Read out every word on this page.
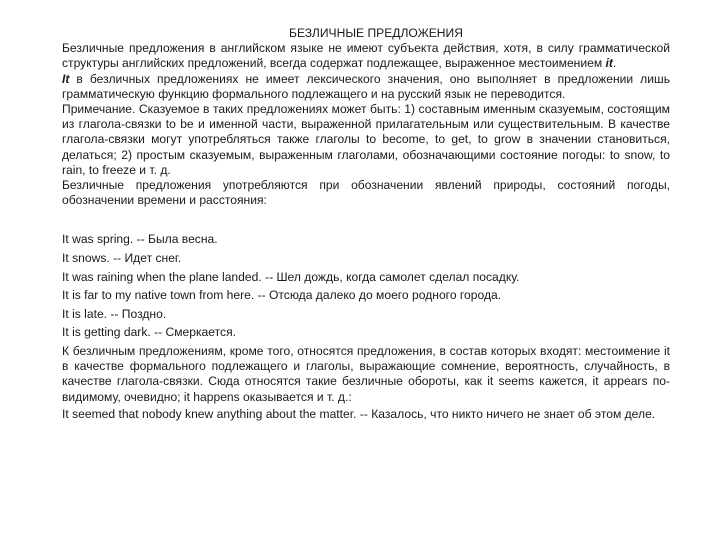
БЕЗЛИЧНЫЕ ПРЕДЛОЖЕНИЯ

Безличные предложения в английском языке не имеют субъекта действия, хотя, в силу грамматической структуры английских предложений, всегда содержат подлежащее, выраженное местоимением it.

It в безличных предложениях не имеет лексического значения, оно выполняет в предложении лишь грамматическую функцию формального подлежащего и на русский язык не переводится.

Примечание. Сказуемое в таких предложениях может быть: 1) составным именным сказуемым, состоящим из глагола-связки to be и именной части, выраженной прилагательным или существительным. В качестве глагола-связки могут употребляться также глаголы to become, to get, to grow в значении становиться, делаться; 2) простым сказуемым, выраженным глаголами, обозначающими состояние погоды: to snow, to rain, to freeze и т. д.

Безличные предложения употребляются при обозначении явлений природы, состояний погоды, обозначении времени и расстояния:

It was spring. -- Была весна.

It snows. -- Идет снег.

It was raining when the plane landed. -- Шел дождь, когда самолет сделал посадку.

It is far to my native town from here. -- Отсюда далеко до моего родного города.

It is late. -- Поздно.

It is getting dark. -- Смеркается.

К безличным предложениям, кроме того, относятся предложения, в состав которых входят: местоимение it в качестве формального подлежащего и глаголы, выражающие сомнение, вероятность, случайность, в качестве глагола-связки. Сюда относятся такие безличные обороты, как it seems кажется, it appears по-видимому, очевидно; it happens оказывается и т. д.:

It seemed that nobody knew anything about the matter. -- Казалось, что никто ничего не знает об этом деле.
